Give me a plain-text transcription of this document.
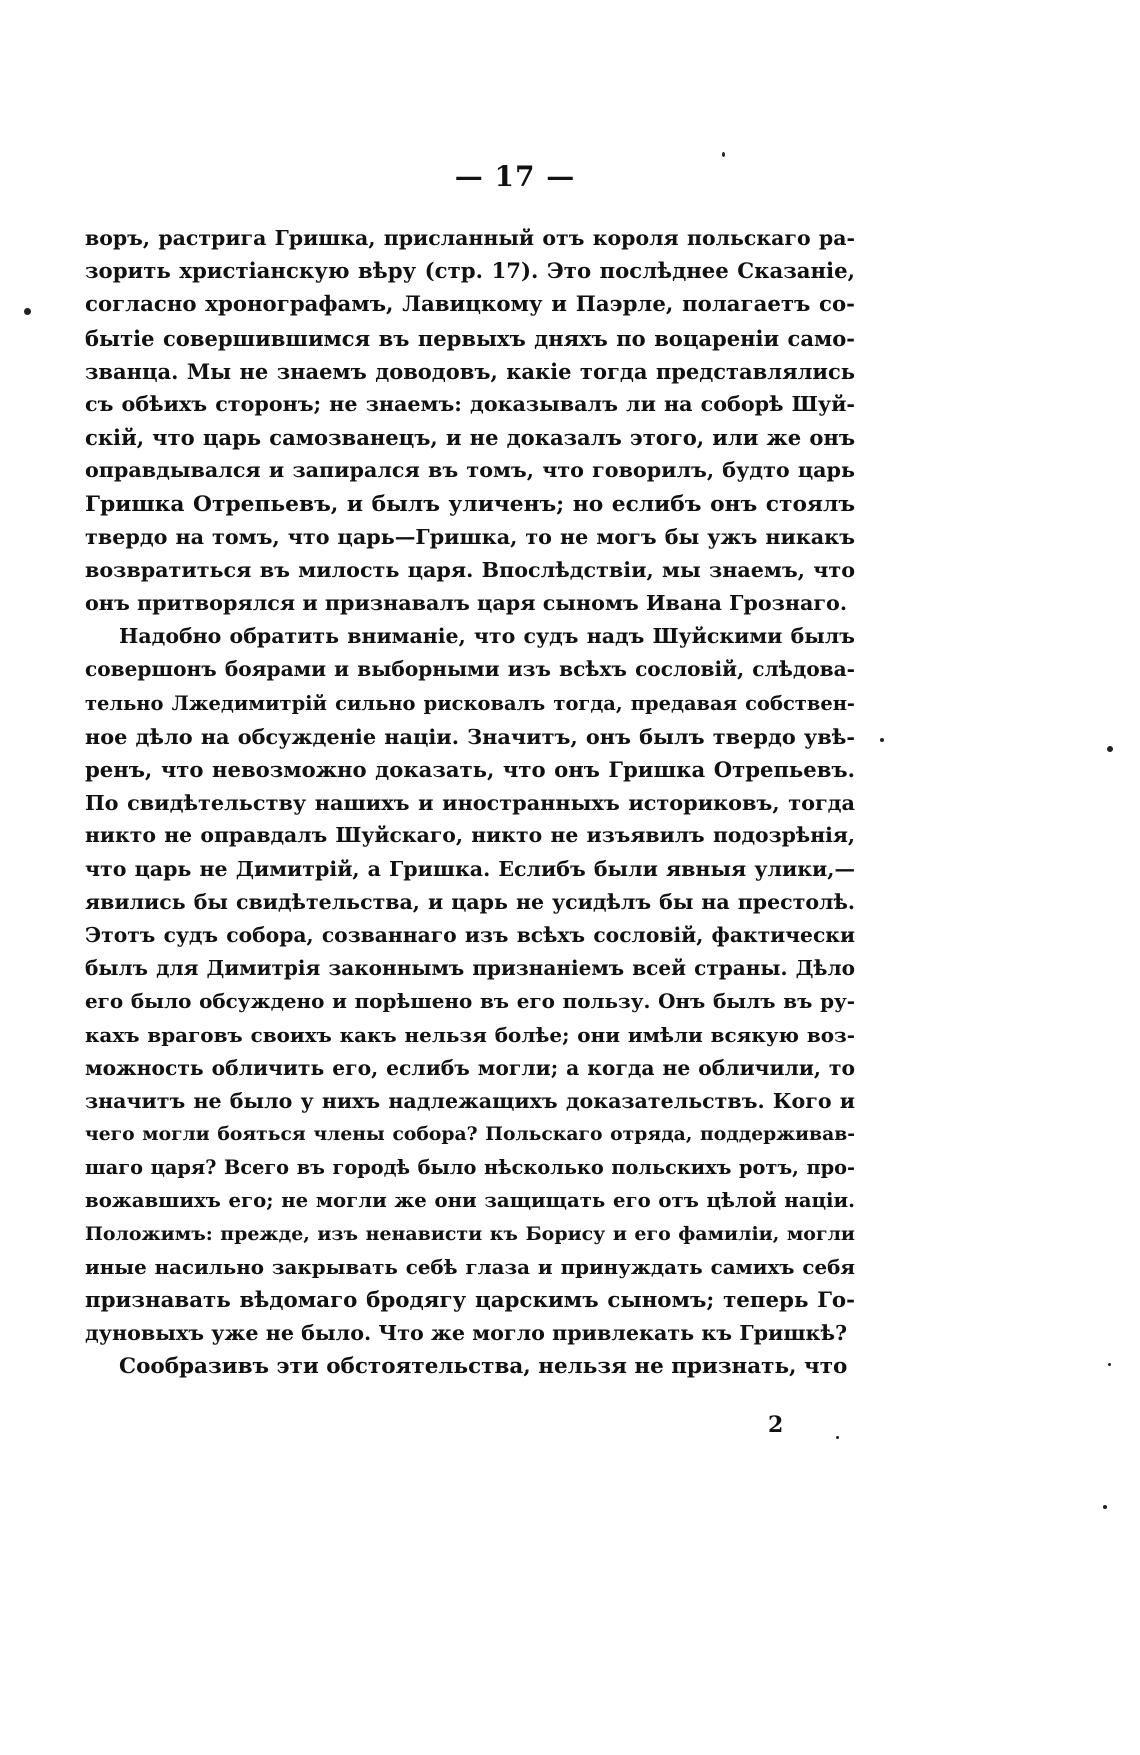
— 17 —
воръ, растрига Гришка, присланный отъ короля польскаго ра-
зорить христіанскую вѣру (стр. 17). Это послѣднее Сказаніе,
согласно хронографамъ, Лавицкому и Паэрле, полагаетъ со-
бытіе совершившимся въ первыхъ дняхъ по воцареніи само-
званца. Мы не знаемъ доводовъ, какіе тогда представлялись
съ обѣихъ сторонъ; не знаемъ: доказывалъ ли на соборѣ Шуй-
скій, что царь самозванецъ, и не доказалъ этого, или же онъ
оправдывался и запирался въ томъ, что говорилъ, будто царь
Гришка Отрепьевъ, и былъ уличенъ; но еслибъ онъ стоялъ
твердо на томъ, что царь—Гришка, то не могъ бы ужъ никакъ
возвратиться въ милость царя. Впослѣдствіи, мы знаемъ, что
онъ притворялся и признавалъ царя сыномъ Ивана Грознаго.
Надобно обратить вниманіе, что судъ надъ Шуйскими былъ
совершонъ боярами и выборными изъ всѣхъ сословій, слѣдова-
тельно Лжедимитрій сильно рисковалъ тогда, предавая собствен-
ное дѣло на обсужденіе націи. Значитъ, онъ былъ твердо увѣ-
ренъ, что невозможно доказать, что онъ Гришка Отрепьевъ.
По свидѣтельству нашихъ и иностранныхъ историковъ, тогда
никто не оправдалъ Шуйскаго, никто не изъявилъ подозрѣнія,
что царь не Димитрій, а Гришка. Еслибъ были явныя улики,—
явились бы свидѣтельства, и царь не усидѣлъ бы на престолѣ.
Этотъ судъ собора, созваннаго изъ всѣхъ сословій, фактически
былъ для Димитрія законнымъ признаніемъ всей страны. Дѣло
его было обсуждено и порѣшено въ его пользу. Онъ былъ въ ру-
кахъ враговъ своихъ какъ нельзя болѣе; они имѣли всякую воз-
можность обличить его, еслибъ могли; а когда не обличили, то
значитъ не было у нихъ надлежащихъ доказательствъ. Кого и
чего могли бояться члены собора? Польскаго отряда, поддерживав-
шаго царя? Всего въ городѣ было нѣсколько польскихъ ротъ, про-
вожавшихъ его; не могли же они защищать его отъ цѣлой націи.
Положимъ: прежде, изъ ненависти къ Борису и его фамиліи, могли
иные насильно закрывать себѣ глаза и принуждать самихъ себя
признавать вѣдомаго бродягу царскимъ сыномъ; теперь Го-
дуновыхъ уже не было. Что же могло привлекать къ Гришкѣ?
Сообразивъ эти обстоятельства, нельзя не признать, что
2
